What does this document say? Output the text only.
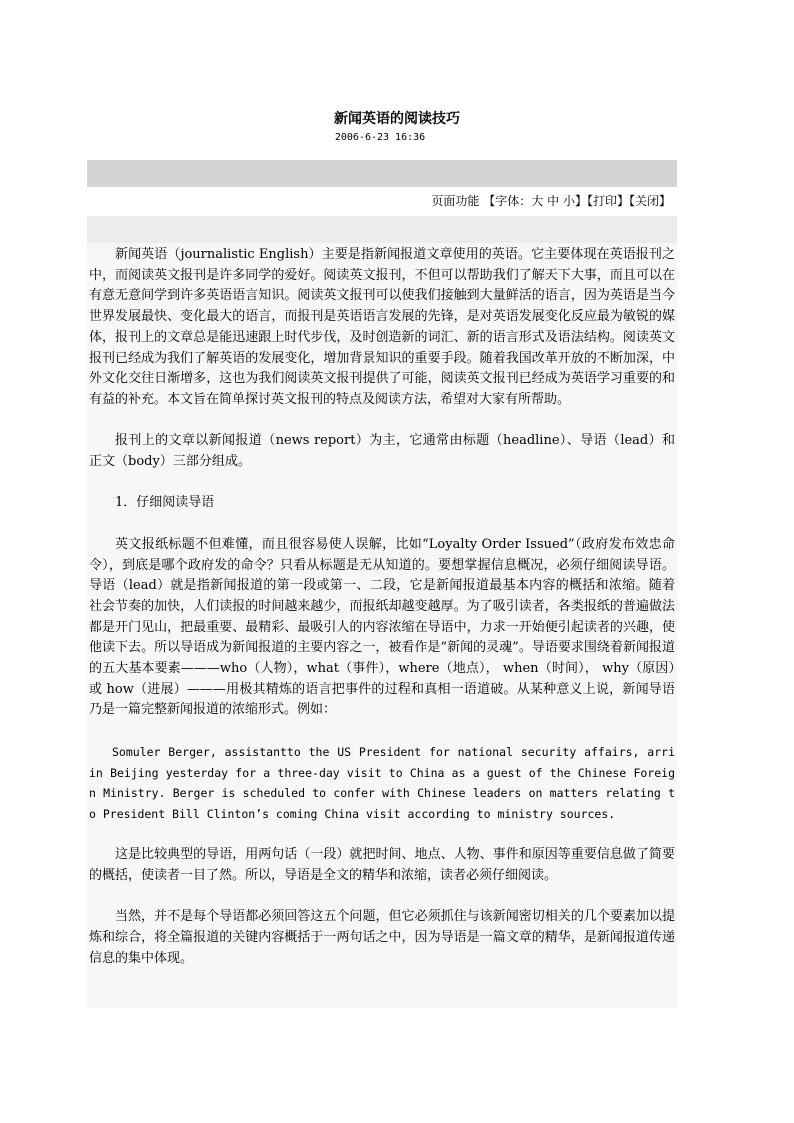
新闻英语的阅读技巧
2006-6-23 16:36
页面功能 【字体：大 中 小】【打印】【关闭】

新闻英语（journalistic English）主要是指新闻报道文章使用的英语。它主要体现在英语报刊之中，而阅读英文报刊是许多同学的爱好。阅读英文报刊，不但可以帮助我们了解天下大事，而且可以在有意无意间学到许多英语语言知识。阅读英文报刊可以使我们接触到大量鲜活的语言，因为英语是当今世界发展最快、变化最大的语言，而报刊是英语语言发展的先锋，是对英语发展变化反应最为敏锐的媒体，报刊上的文章总是能迅速跟上时代步伐，及时创造新的词汇、新的语言形式及语法结构。阅读英文报刊已经成为我们了解英语的发展变化，增加背景知识的重要手段。随着我国改革开放的不断加深，中外文化交往日渐增多，这也为我们阅读英文报刊提供了可能，阅读英文报刊已经成为英语学习重要的和有益的补充。本文旨在简单探讨英文报刊的特点及阅读方法，希望对大家有所帮助。

报刊上的文章以新闻报道（news report）为主，它通常由标题（headline）、导语（lead）和正文（body）三部分组成。

1．仔细阅读导语

英文报纸标题不但难懂，而且很容易使人误解，比如“Loyalty Order Issued”（政府发布效忠命令），到底是哪个政府发的命令？只看从标题是无从知道的。要想掌握信息概况，必须仔细阅读导语。导语（lead）就是指新闻报道的第一段或第一、二段，它是新闻报道最基本内容的概括和浓缩。随着社会节奏的加快，人们读报的时间越来越少，而报纸却越变越厚。为了吸引读者，各类报纸的普遍做法都是开门见山，把最重要、最精彩、最吸引人的内容浓缩在导语中，力求一开始便引起读者的兴趣，使他读下去。所以导语成为新闻报道的主要内容之一，被看作是“新闻的灵魂”。导语要求围绕着新闻报道的五大基本要素———who（人物），what（事件），where（地点）， when（时间）， why（原因）或 how（进展）———用极其精炼的语言把事件的过程和真相一语道破。从某种意义上说，新闻导语乃是一篇完整新闻报道的浓缩形式。例如：

Somuler Berger, assistantto the US President for national security affairs, arri in Beijing yesterday for a three-day visit to China as a guest of the Chinese Foreign Ministry. Berger is scheduled to confer with Chinese leaders on matters relating to President Bill Clinton’s coming China visit according to ministry sources.

这是比较典型的导语，用两句话（一段）就把时间、地点、人物、事件和原因等重要信息做了简要的概括，使读者一目了然。所以，导语是全文的精华和浓缩，读者必须仔细阅读。

当然，并不是每个导语都必须回答这五个问题，但它必须抓住与该新闻密切相关的几个要素加以提炼和综合，将全篇报道的关键内容概括于一两句话之中，因为导语是一篇文章的精华，是新闻报道传递信息的集中体现。
